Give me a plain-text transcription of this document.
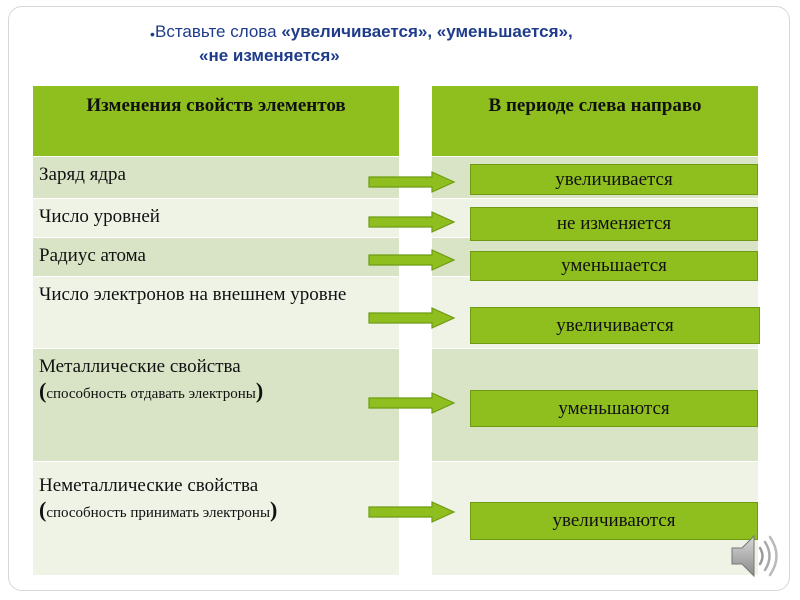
• Вставьте слова «увеличивается», «уменьшается»,
«не изменяется»
Изменения свойств элементов
Заряд ядра
Число уровней
Радиус атома
Число электронов на внешнем уровне
Металлические свойства
(способность отдавать электроны)
Неметаллические свойства
(способность принимать электроны)
В периоде слева направо
увеличивается
не изменяется
уменьшается
увеличивается
уменьшаются
увеличиваются
